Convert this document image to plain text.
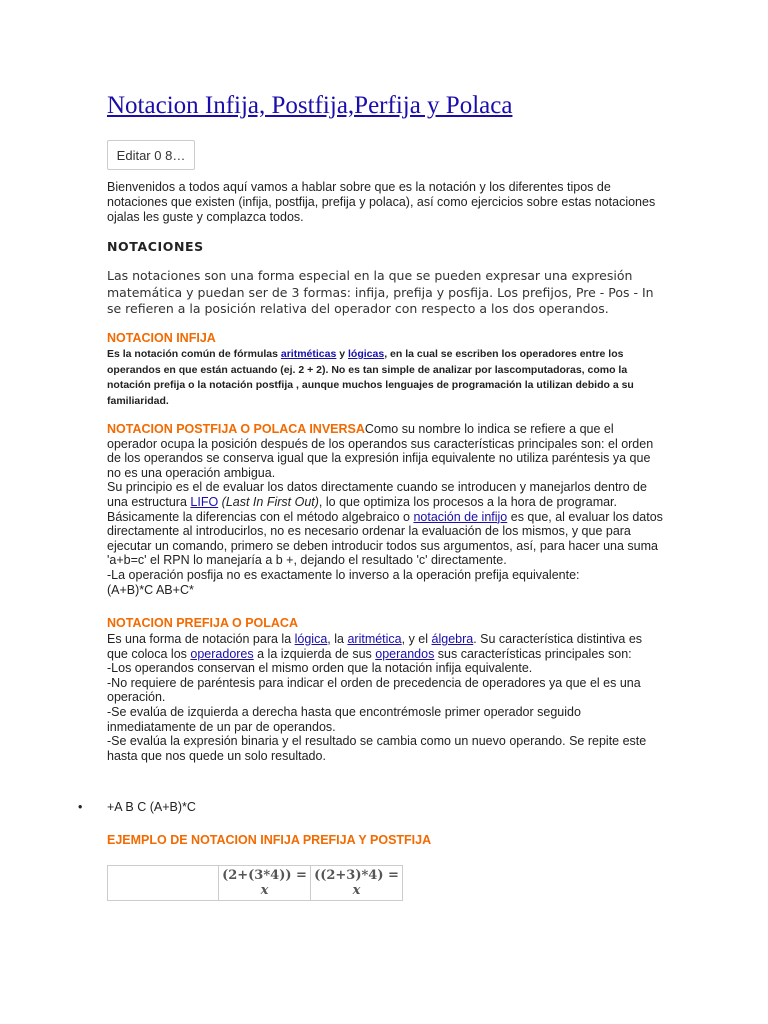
Notacion Infija, Postfija,Perfija y Polaca
Editar 0 8…
Bienvenidos a todos aquí vamos a hablar sobre que es la notación y los diferentes tipos de notaciones que existen (infija, postfija, prefija y polaca), así como ejercicios sobre estas notaciones ojalas les guste y complazca todos.
NOTACIONES
Las notaciones son una forma especial en la que se pueden expresar una expresión matemática y puedan ser de 3 formas: infija, prefija y posfija. Los prefijos, Pre - Pos - In se refieren a la posición relativa del operador con respecto a los dos operandos.
NOTACION INFIJA
Es la notación común de fórmulas aritméticas y lógicas, en la cual se escriben los operadores entre los operandos en que están actuando (ej. 2 + 2). No es tan simple de analizar por lascomputadoras, como la notación prefija o la notación postfija , aunque muchos lenguajes de programación la utilizan debido a su familiaridad.
NOTACION POSTFIJA O POLACA INVERSAComo su nombre lo indica se refiere a que el operador ocupa la posición después de los operandos sus características principales son: el orden de los operandos se conserva igual que la expresión infija equivalente no utiliza paréntesis ya que no es una operación ambigua.
Su principio es el de evaluar los datos directamente cuando se introducen y manejarlos dentro de una estructura LIFO (Last In First Out), lo que optimiza los procesos a la hora de programar.
Básicamente la diferencias con el método algebraico o notación de infijo es que, al evaluar los datos directamente al introducirlos, no es necesario ordenar la evaluación de los mismos, y que para ejecutar un comando, primero se deben introducir todos sus argumentos, así, para hacer una suma 'a+b=c' el RPN lo manejaría a b +, dejando el resultado 'c' directamente.
-La operación posfija no es exactamente lo inverso a la operación prefija equivalente:
(A+B)*C AB+C*
NOTACION PREFIJA O POLACA
Es una forma de notación para la lógica, la aritmética, y el álgebra. Su característica distintiva es que coloca los operadores a la izquierda de sus operandos sus características principales son:
-Los operandos conservan el mismo orden que la notación infija equivalente.
-No requiere de paréntesis para indicar el orden de precedencia de operadores ya que el es una operación.
-Se evalúa de izquierda a derecha hasta que encontrémosle primer operador seguido inmediatamente de un par de operandos.
-Se evalúa la expresión binaria y el resultado se cambia como un nuevo operando. Se repite este hasta que nos quede un solo resultado.
•	+A B C (A+B)*C
EJEMPLO DE NOTACION INFIJA PREFIJA Y POSTFIJA
	(2+(3*4)) = x	((2+3)*4) = x
